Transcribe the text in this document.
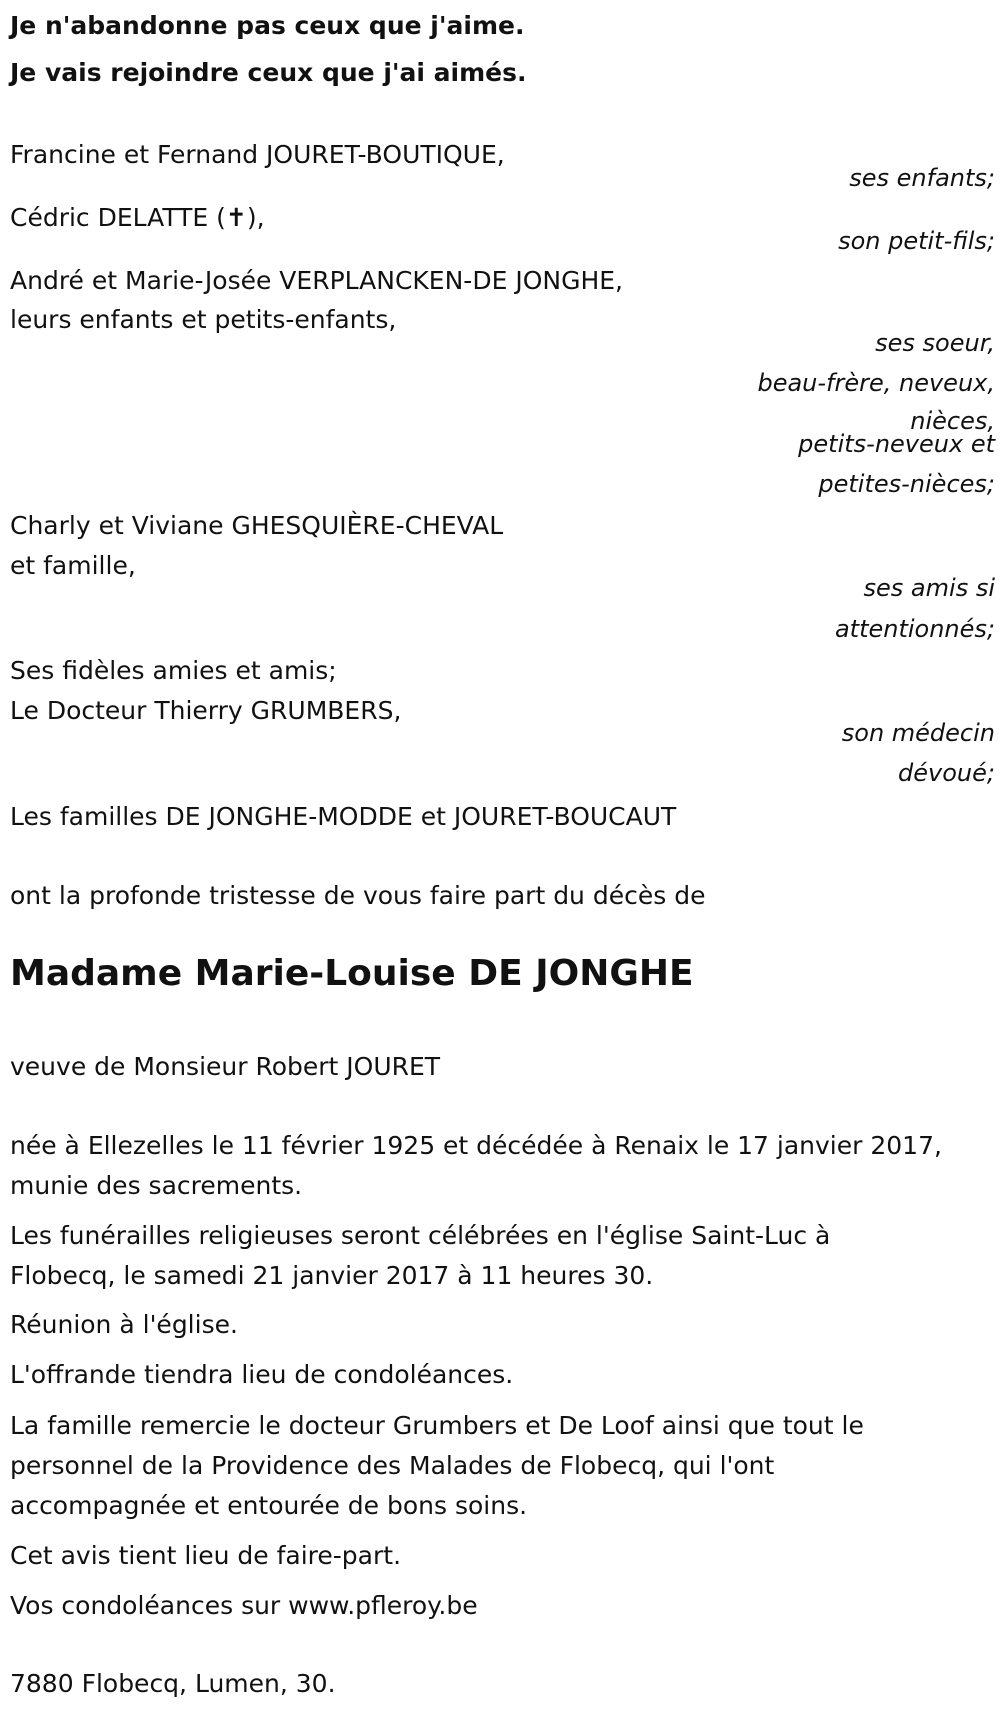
Je n'abandonne pas ceux que j'aime.
Je vais rejoindre ceux que j'ai aimés.
Francine et Fernand JOURET-BOUTIQUE,
ses enfants;
Cédric DELATTE (✝),
son petit-fils;
André et Marie-Josée VERPLANCKEN-DE JONGHE,
leurs enfants et petits-enfants,
ses soeur,
beau-frère, neveux,
nièces,
petits-neveux et
petites-nièces;
Charly et Viviane GHESQUIÈRE-CHEVAL
et famille,
ses amis si
attentionnés;
Ses fidèles amies et amis;
Le Docteur Thierry GRUMBERS,
son médecin
dévoué;
Les familles DE JONGHE-MODDE et JOURET-BOUCAUT
ont la profonde tristesse de vous faire part du décès de
Madame Marie-Louise DE JONGHE
veuve de Monsieur Robert JOURET
née à Ellezelles le 11 février 1925 et décédée à Renaix le 17 janvier 2017,
munie des sacrements.
Les funérailles religieuses seront célébrées en l'église Saint-Luc à
Flobecq, le samedi 21 janvier 2017 à 11 heures 30.
Réunion à l'église.
L'offrande tiendra lieu de condoléances.
La famille remercie le docteur Grumbers et De Loof ainsi que tout le
personnel de la Providence des Malades de Flobecq, qui l'ont
accompagnée et entourée de bons soins.
Cet avis tient lieu de faire-part.
Vos condoléances sur www.pfleroy.be
7880 Flobecq, Lumen, 30.
